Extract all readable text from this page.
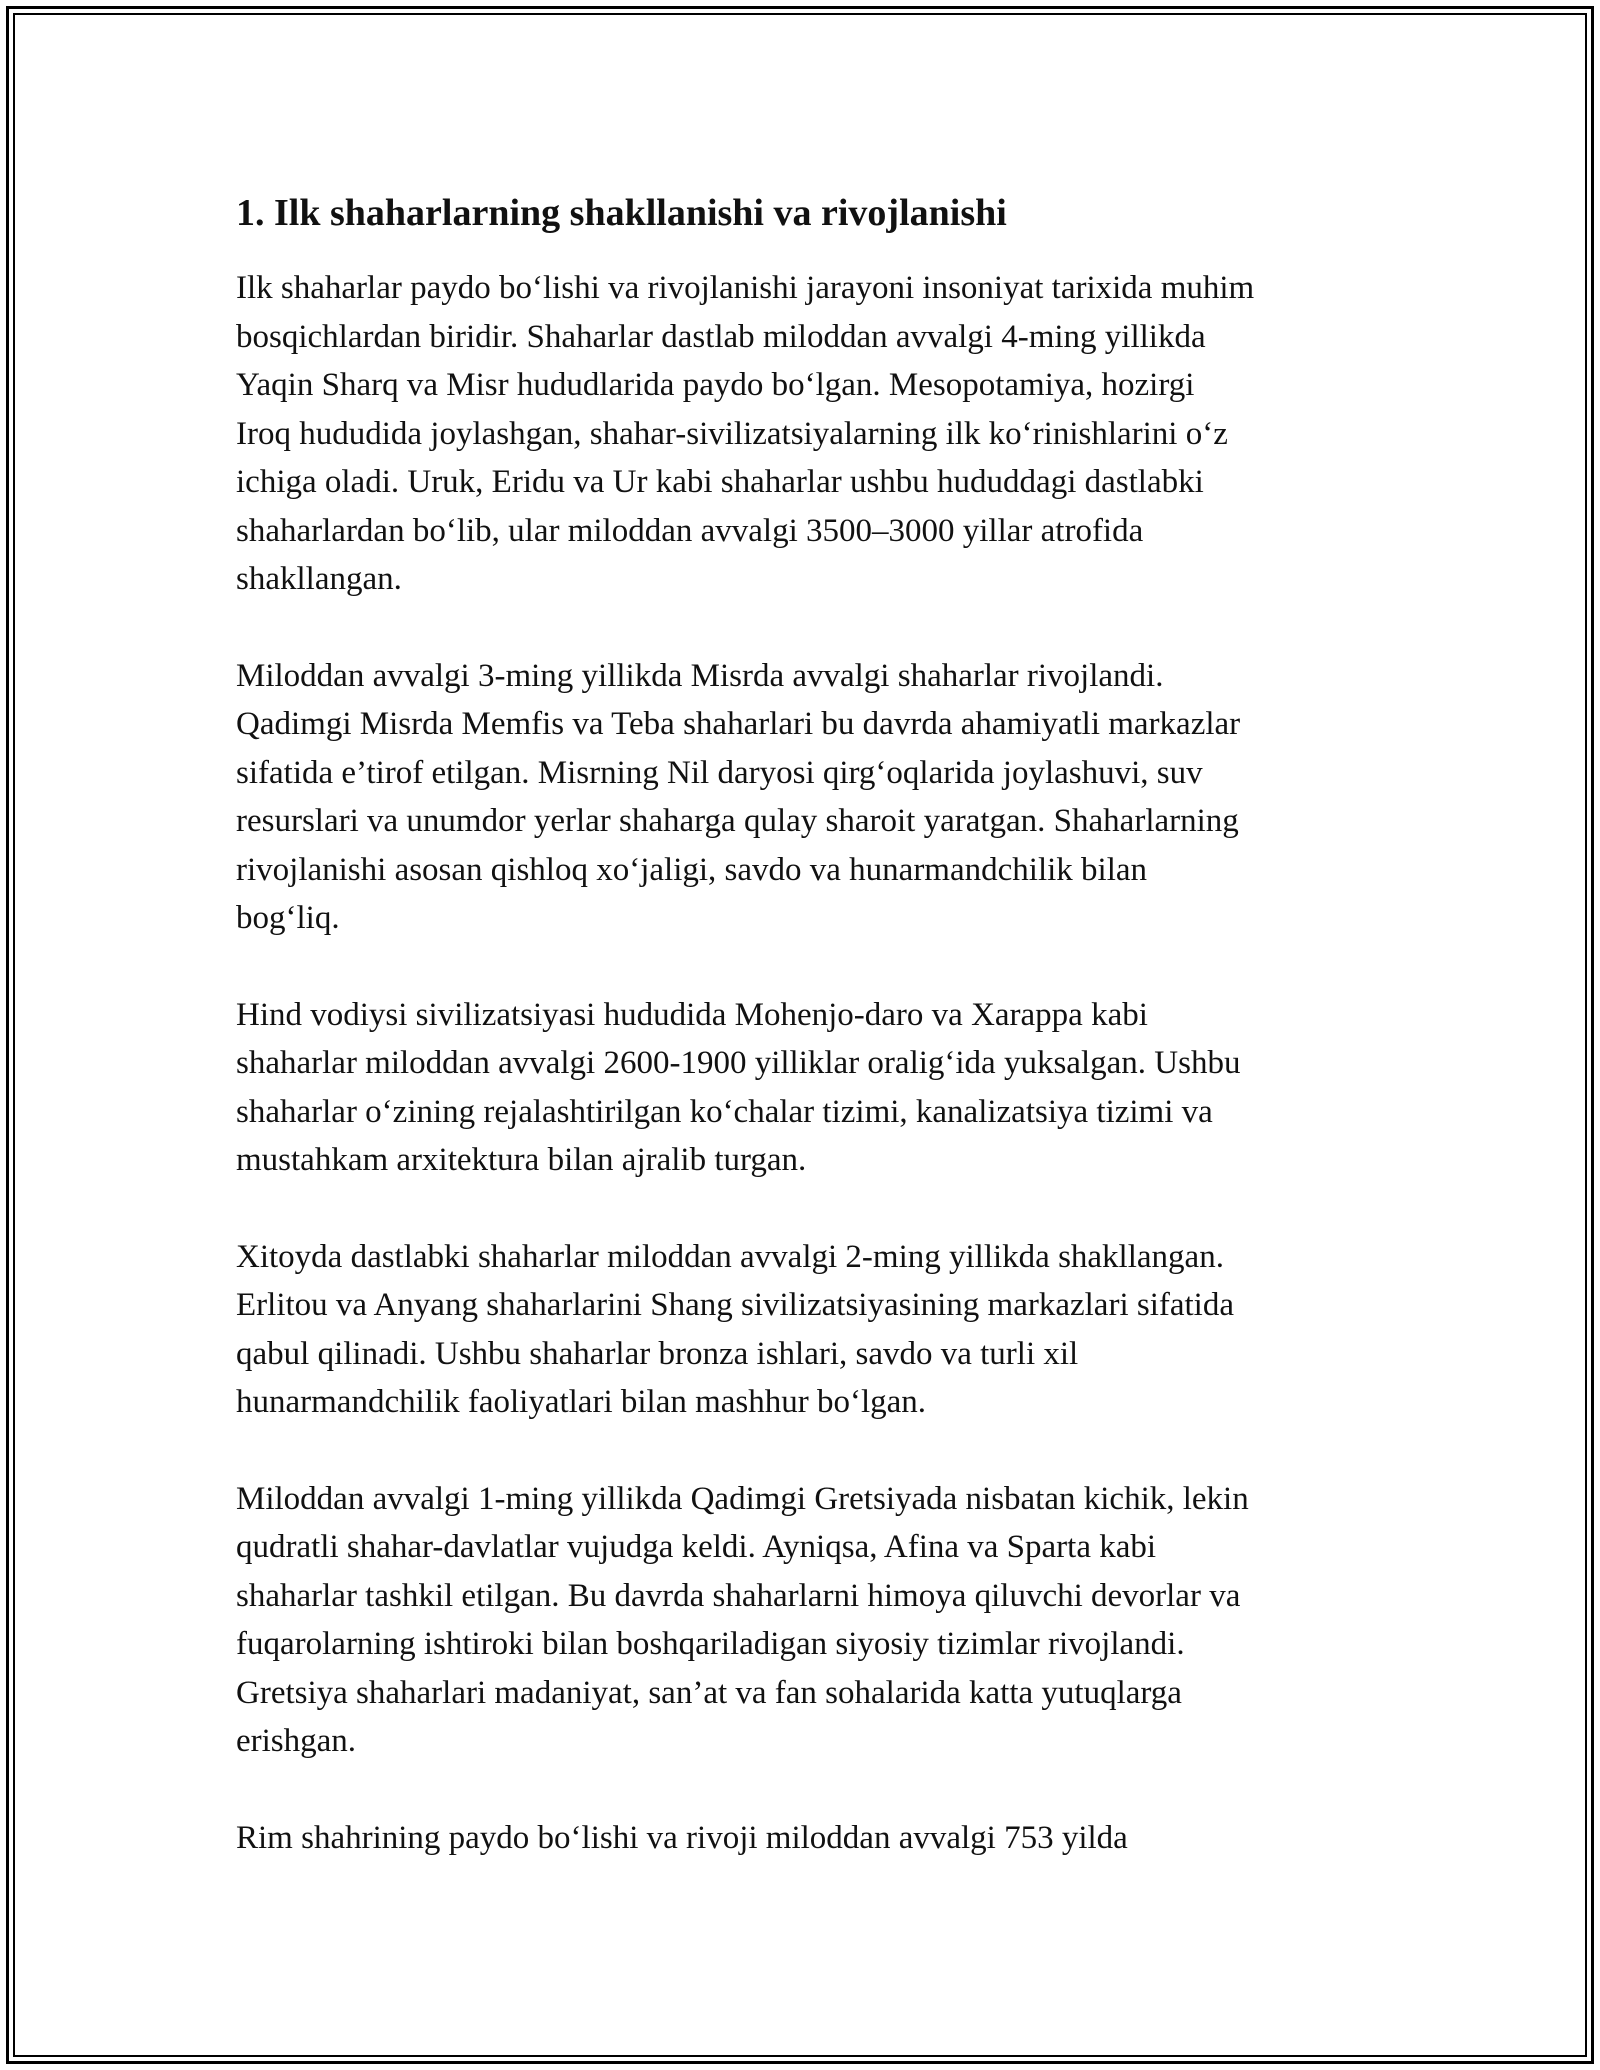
1. Ilk shaharlarning shakllanishi va rivojlanishi

Ilk shaharlar paydo bo‘lishi va rivojlanishi jarayoni insoniyat tarixida muhim
bosqichlardan biridir. Shaharlar dastlab miloddan avvalgi 4-ming yillikda
Yaqin Sharq va Misr hududlarida paydo bo‘lgan. Mesopotamiya, hozirgi
Iroq hududida joylashgan, shahar-sivilizatsiyalarning ilk ko‘rinishlarini o‘z
ichiga oladi. Uruk, Eridu va Ur kabi shaharlar ushbu hududdagi dastlabki
shaharlardan bo‘lib, ular miloddan avvalgi 3500–3000 yillar atrofida
shakllangan.

Miloddan avvalgi 3-ming yillikda Misrda avvalgi shaharlar rivojlandi.
Qadimgi Misrda Memfis va Teba shaharlari bu davrda ahamiyatli markazlar
sifatida e’tirof etilgan. Misrning Nil daryosi qirg‘oqlarida joylashuvi, suv
resurslari va unumdor yerlar shaharga qulay sharoit yaratgan. Shaharlarning
rivojlanishi asosan qishloq xo‘jaligi, savdo va hunarmandchilik bilan
bog‘liq.

Hind vodiysi sivilizatsiyasi hududida Mohenjo-daro va Xarappa kabi
shaharlar miloddan avvalgi 2600-1900 yilliklar oralig‘ida yuksalgan. Ushbu
shaharlar o‘zining rejalashtirilgan ko‘chalar tizimi, kanalizatsiya tizimi va
mustahkam arxitektura bilan ajralib turgan.

Xitoyda dastlabki shaharlar miloddan avvalgi 2-ming yillikda shakllangan.
Erlitou va Anyang shaharlarini Shang sivilizatsiyasining markazlari sifatida
qabul qilinadi. Ushbu shaharlar bronza ishlari, savdo va turli xil
hunarmandchilik faoliyatlari bilan mashhur bo‘lgan.

Miloddan avvalgi 1-ming yillikda Qadimgi Gretsiyada nisbatan kichik, lekin
qudratli shahar-davlatlar vujudga keldi. Ayniqsa, Afina va Sparta kabi
shaharlar tashkil etilgan. Bu davrda shaharlarni himoya qiluvchi devorlar va
fuqarolarning ishtiroki bilan boshqariladigan siyosiy tizimlar rivojlandi.
Gretsiya shaharlari madaniyat, san’at va fan sohalarida katta yutuqlarga
erishgan.

Rim shahrining paydo bo‘lishi va rivoji miloddan avvalgi 753 yilda
